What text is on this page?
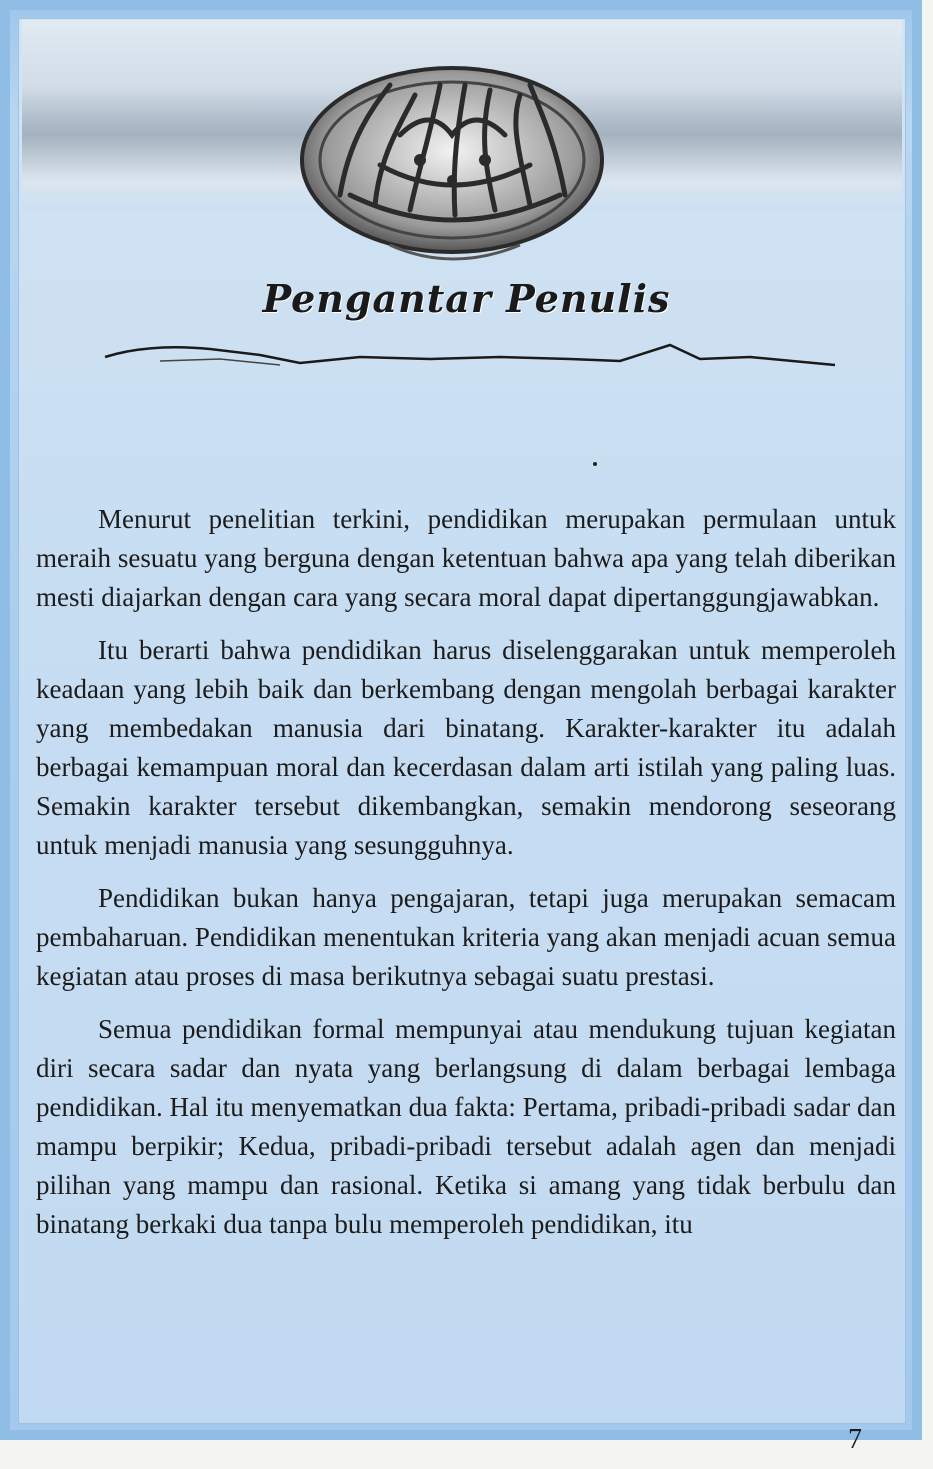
Pengantar Penulis

Menurut penelitian terkini, pendidikan merupakan permulaan untuk meraih sesuatu yang berguna dengan ketentuan bahwa apa yang telah diberikan mesti diajarkan dengan cara yang secara moral dapat dipertanggungjawabkan.

Itu berarti bahwa pendidikan harus diselenggarakan untuk memperoleh keadaan yang lebih baik dan berkembang dengan mengolah berbagai karakter yang membedakan manusia dari binatang. Karakter-karakter itu adalah berbagai kemampuan moral dan kecerdasan dalam arti istilah yang paling luas. Semakin karakter tersebut dikembangkan, semakin mendorong seseorang untuk menjadi manusia yang sesungguhnya.

Pendidikan bukan hanya pengajaran, tetapi juga merupakan semacam pembaharuan. Pendidikan menentukan kriteria yang akan menjadi acuan semua kegiatan atau proses di masa berikutnya sebagai suatu prestasi.

Semua pendidikan formal mempunyai atau mendukung tujuan kegiatan diri secara sadar dan nyata yang berlangsung di dalam berbagai lembaga pendidikan. Hal itu menyematkan dua fakta: Pertama, pribadi-pribadi sadar dan mampu berpikir; Kedua, pribadi-pribadi tersebut adalah agen dan menjadi pilihan yang mampu dan rasional. Ketika si amang yang tidak berbulu dan binatang berkaki dua tanpa bulu memperoleh pendidikan, itu

7
